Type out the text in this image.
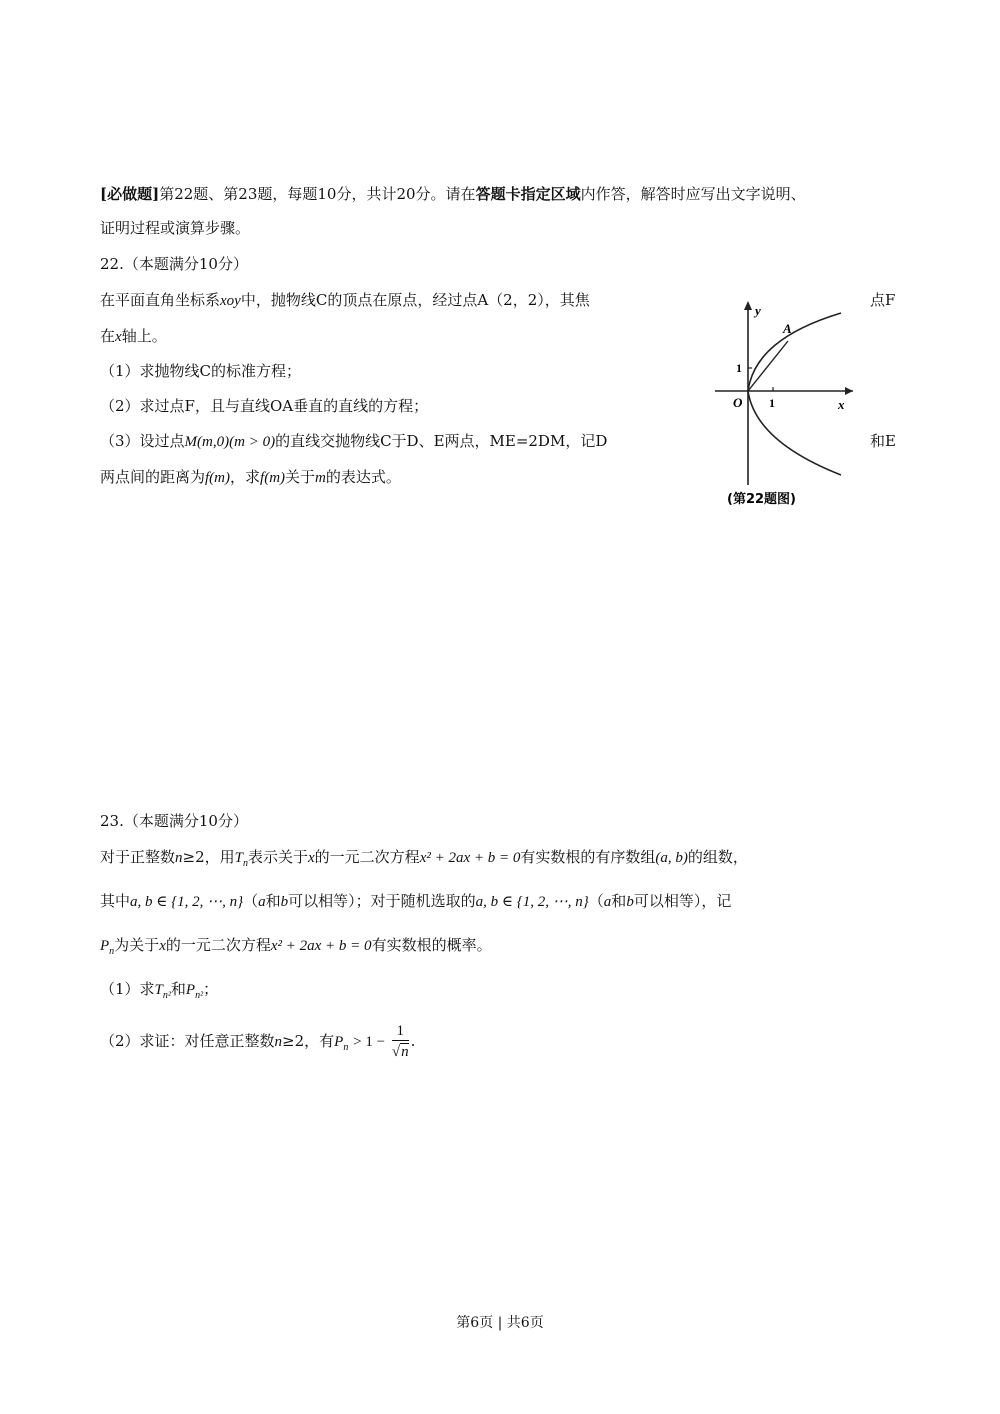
[必做题]第22题、第23题，每题10分，共计20分。请在答题卡指定区域内作答，解答时应写出文字说明、
证明过程或演算步骤。
22.（本题满分10分）
在平面直角坐标系xoy中，抛物线C的顶点在原点，经过点A（2，2），其焦	点F
在x轴上。
（1）求抛物线C的标准方程；
（2）求过点F，且与直线OA垂直的直线的方程；
（3）设过点M(m,0)(m > 0)的直线交抛物线C于D、E两点，ME=2DM，记D	和E
两点间的距离为f(m)，求f(m)关于m的表达式。
y
x
A
O 1
1
(第22题图)
23.（本题满分10分）
对于正整数n≥2，用$T_n$表示关于x的一元二次方程x² + 2ax + b = 0有实数根的有序数组(a, b)的组数，
其中a, b ∈ {1, 2, ⋯, n}（a和b可以相等）；对于随机选取的a, b ∈ {1, 2, ⋯, n}（a和b可以相等），记
$P_n$为关于x的一元二次方程x² + 2ax + b = 0有实数根的概率。
（1）求$T_{n^2}$和$P_{n^2}$；
（2）求证：对任意正整数n≥2，有$P_n > 1 - \frac{1}{√n}$ .
第6页 | 共6页
